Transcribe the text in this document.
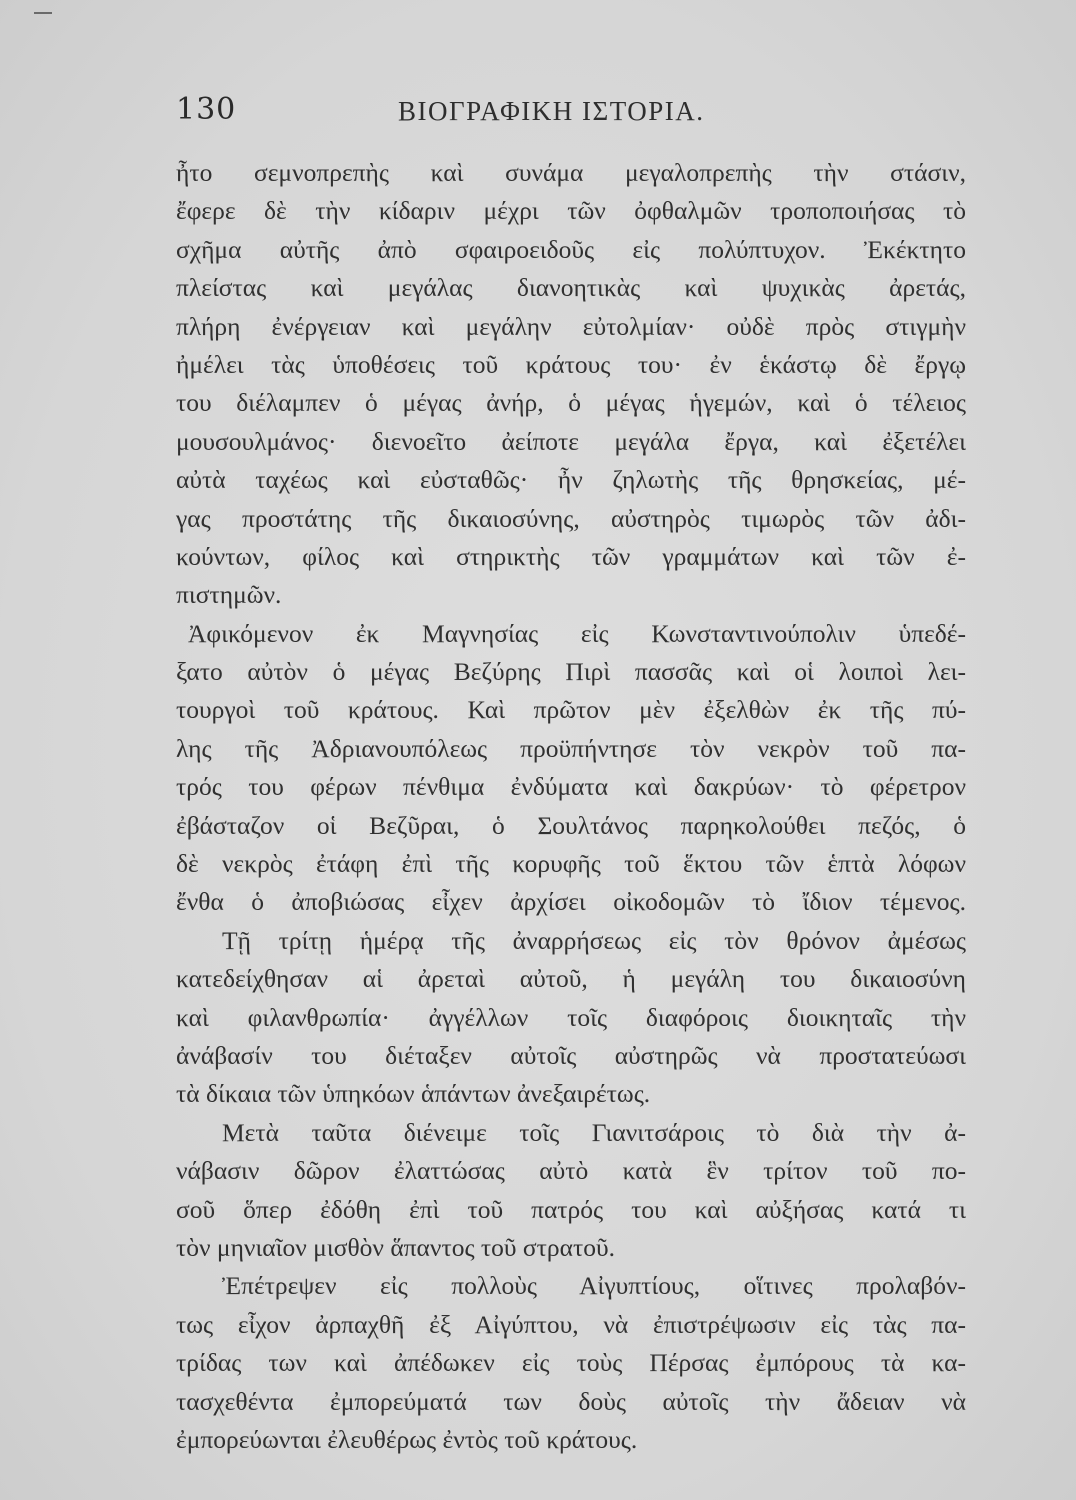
130	ΒΙΟΓΡΑΦΙΚΗ ΙΣΤΟΡΙΑ.
ἦτο σεμνοπρεπὴς καὶ συνάμα μεγαλοπρεπὴς τὴν στάσιν,
ἔφερε δὲ τὴν κίδαριν μέχρι τῶν ὀφθαλμῶν τροποποιήσας τὸ
σχῆμα αὐτῆς ἀπὸ σφαιροειδοῦς εἰς πολύπτυχον. Ἐκέκτητο
πλείστας καὶ μεγάλας διανοητικὰς καὶ ψυχικὰς ἀρετάς,
πλήρη ἐνέργειαν καὶ μεγάλην εὐτολμίαν· οὐδὲ πρὸς στιγμὴν
ἠμέλει τὰς ὑποθέσεις τοῦ κράτους του· ἐν ἑκάστῳ δὲ ἔργῳ
του διέλαμπεν ὁ μέγας ἀνήρ, ὁ μέγας ἡγεμών, καὶ ὁ τέλειος
μουσουλμάνος· διενοεῖτο ἀείποτε μεγάλα ἔργα, καὶ ἐξετέλει
αὐτὰ ταχέως καὶ εὐσταθῶς· ἦν ζηλωτὴς τῆς θρησκείας, μέ-
γας προστάτης τῆς δικαιοσύνης, αὐστηρὸς τιμωρὸς τῶν ἀδι-
κούντων, φίλος καὶ στηρικτὴς τῶν γραμμάτων καὶ τῶν ἐ-
πιστημῶν.
Ἀφικόμενον ἐκ Μαγνησίας εἰς Κωνσταντινούπολιν ὑπεδέ-
ξατο αὐτὸν ὁ μέγας Βεζύρης Πιρὶ πασσᾶς καὶ οἱ λοιποὶ λει-
τουργοὶ τοῦ κράτους. Καὶ πρῶτον μὲν ἐξελθὼν ἐκ τῆς πύ-
λης τῆς Ἀδριανουπόλεως προϋπήντησε τὸν νεκρὸν τοῦ πα-
τρός του φέρων πένθιμα ἐνδύματα καὶ δακρύων· τὸ φέρετρον
ἐβάσταζον οἱ Βεζῦραι, ὁ Σουλτάνος παρηκολούθει πεζός, ὁ
δὲ νεκρὸς ἐτάφη ἐπὶ τῆς κορυφῆς τοῦ ἕκτου τῶν ἑπτὰ λόφων
ἔνθα ὁ ἀποβιώσας εἶχεν ἀρχίσει οἰκοδομῶν τὸ ἴδιον τέμενος.
Τῇ τρίτῃ ἡμέρᾳ τῆς ἀναρρήσεως εἰς τὸν θρόνον ἀμέσως
κατεδείχθησαν αἱ ἀρεταὶ αὐτοῦ, ἡ μεγάλη του δικαιοσύνη
καὶ φιλανθρωπία· ἀγγέλλων τοῖς διαφόροις διοικηταῖς τὴν
ἀνάβασίν του διέταξεν αὐτοῖς αὐστηρῶς νὰ προστατεύωσι
τὰ δίκαια τῶν ὑπηκόων ἁπάντων ἀνεξαιρέτως.
Μετὰ ταῦτα διένειμε τοῖς Γιανιτσάροις τὸ διὰ τὴν ἀ-
νάβασιν δῶρον ἐλαττώσας αὐτὸ κατὰ ἓν τρίτον τοῦ πο-
σοῦ ὅπερ ἐδόθη ἐπὶ τοῦ πατρός του καὶ αὐξήσας κατά τι
τὸν μηνιαῖον μισθὸν ἅπαντος τοῦ στρατοῦ.
Ἐπέτρεψεν εἰς πολλοὺς Αἰγυπτίους, οἵτινες προλαβόν-
τως εἶχον ἀρπαχθῆ ἐξ Αἰγύπτου, νὰ ἐπιστρέψωσιν εἰς τὰς πα-
τρίδας των καὶ ἀπέδωκεν εἰς τοὺς Πέρσας ἐμπόρους τὰ κα-
τασχεθέντα ἐμπορεύματά των δοὺς αὐτοῖς τὴν ἄδειαν νὰ
ἐμπορεύωνται ἐλευθέρως ἐντὸς τοῦ κράτους.
